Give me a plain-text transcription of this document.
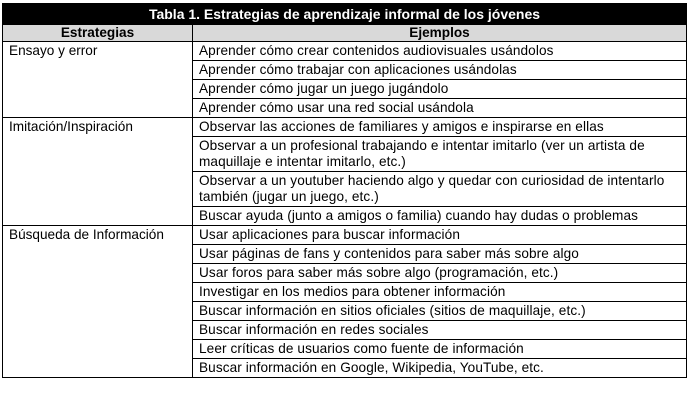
Tabla 1. Estrategias de aprendizaje informal de los jóvenes	
Estrategias	Ejemplos
Ensayo y error	Aprender cómo crear contenidos audiovisuales usándolos
	Aprender cómo trabajar con aplicaciones usándolas
	Aprender cómo jugar un juego jugándolo
	Aprender cómo usar una red social usándola
Imitación/Inspiración	Observar las acciones de familiares y amigos e inspirarse en ellas
	Observar a un profesional trabajando e intentar imitarlo (ver un artista de maquillaje e intentar imitarlo, etc.)
	Observar a un youtuber haciendo algo y quedar con curiosidad de intentarlo también (jugar un juego, etc.)
	Buscar ayuda (junto a amigos o familia) cuando hay dudas o problemas
Búsqueda de Información	Usar aplicaciones para buscar información
	Usar páginas de fans y contenidos para saber más sobre algo
	Usar foros para saber más sobre algo (programación, etc.)
	Investigar en los medios para obtener información
	Buscar información en sitios oficiales (sitios de maquillaje, etc.)
	Buscar información en redes sociales
	Leer críticas de usuarios como fuente de información
	Buscar información en Google, Wikipedia, YouTube, etc.
